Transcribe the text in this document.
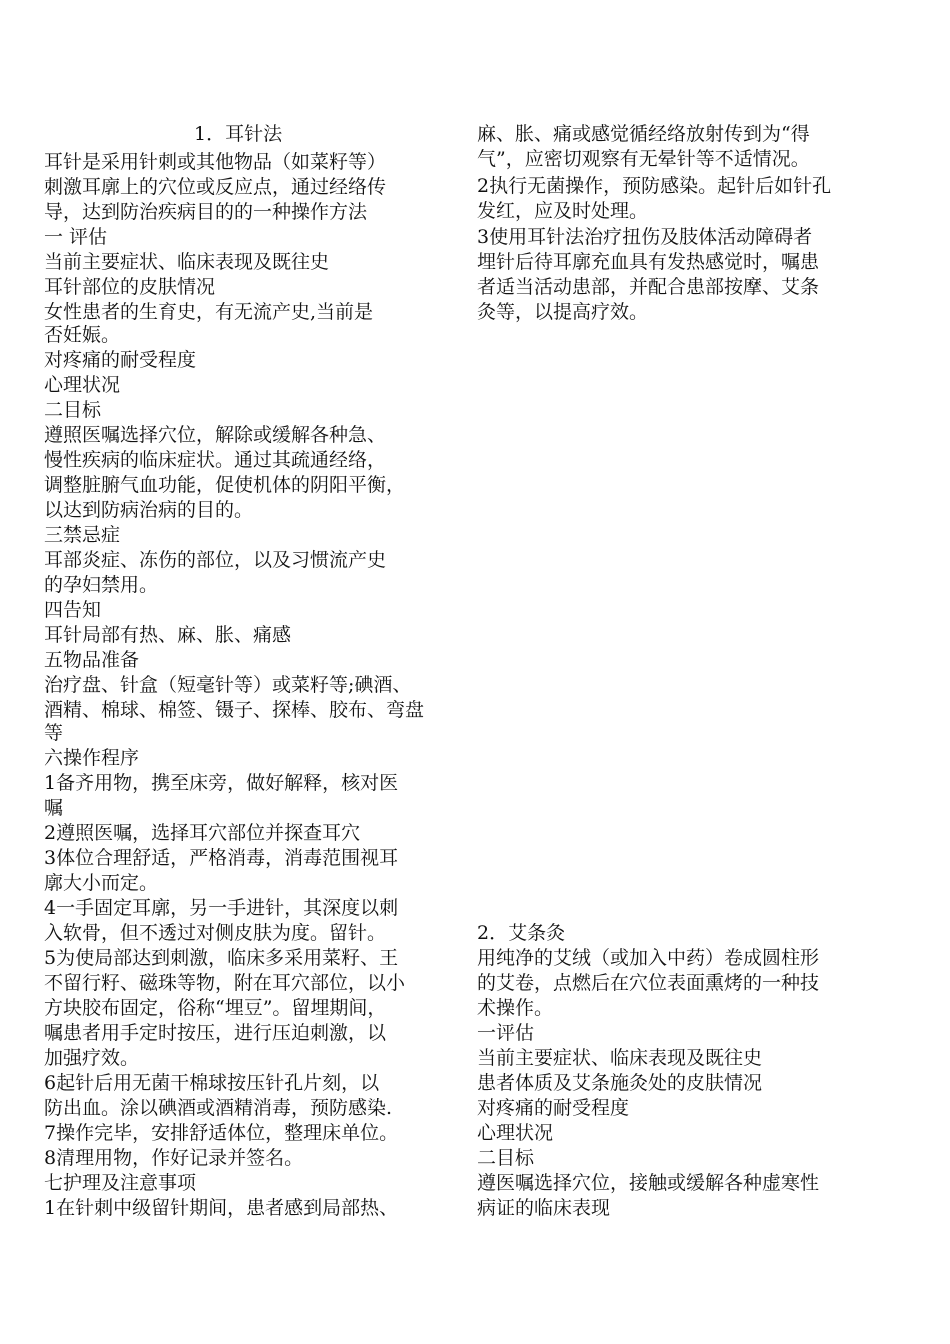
1．耳针法
耳针是采用针刺或其他物品（如菜籽等）
刺激耳廓上的穴位或反应点，通过经络传
导，达到防治疾病目的的一种操作方法
一 评估
当前主要症状、临床表现及既往史
耳针部位的皮肤情况
女性患者的生育史，有无流产史,当前是
否妊娠。
对疼痛的耐受程度
心理状况
二目标
遵照医嘱选择穴位，解除或缓解各种急、
慢性疾病的临床症状。通过其疏通经络，
调整脏腑气血功能，促使机体的阴阳平衡，
以达到防病治病的目的。
三禁忌症
耳部炎症、冻伤的部位，以及习惯流产史
的孕妇禁用。
四告知
耳针局部有热、麻、胀、痛感
五物品准备
治疗盘、针盒（短毫针等）或菜籽等;碘酒、
酒精、棉球、棉签、镊子、探棒、胶布、弯盘
等
六操作程序
1备齐用物，携至床旁，做好解释，核对医
嘱
2遵照医嘱，选择耳穴部位并探查耳穴
3体位合理舒适，严格消毒，消毒范围视耳
廓大小而定。
4一手固定耳廓，另一手进针，其深度以刺
入软骨，但不透过对侧皮肤为度。留针。
5为使局部达到刺激，临床多采用菜籽、王
不留行籽、磁珠等物，附在耳穴部位，以小
方块胶布固定，俗称“埋豆”。留埋期间，
嘱患者用手定时按压，进行压迫刺激，以
加强疗效。
6起针后用无菌干棉球按压针孔片刻，以
防出血。涂以碘酒或酒精消毒，预防感染.
7操作完毕，安排舒适体位，整理床单位。
8清理用物，作好记录并签名。
七护理及注意事项
1在针刺中级留针期间，患者感到局部热、
麻、胀、痛或感觉循经络放射传到为“得
气”，应密切观察有无晕针等不适情况。
2执行无菌操作，预防感染。起针后如针孔
发红，应及时处理。
3使用耳针法治疗扭伤及肢体活动障碍者
埋针后待耳廓充血具有发热感觉时，嘱患
者适当活动患部，并配合患部按摩、艾条
灸等，以提高疗效。
2．艾条灸
用纯净的艾绒（或加入中药）卷成圆柱形
的艾卷，点燃后在穴位表面熏烤的一种技
术操作。
一评估
当前主要症状、临床表现及既往史
患者体质及艾条施灸处的皮肤情况
对疼痛的耐受程度
心理状况
二目标
遵医嘱选择穴位，接触或缓解各种虚寒性
病证的临床表现
